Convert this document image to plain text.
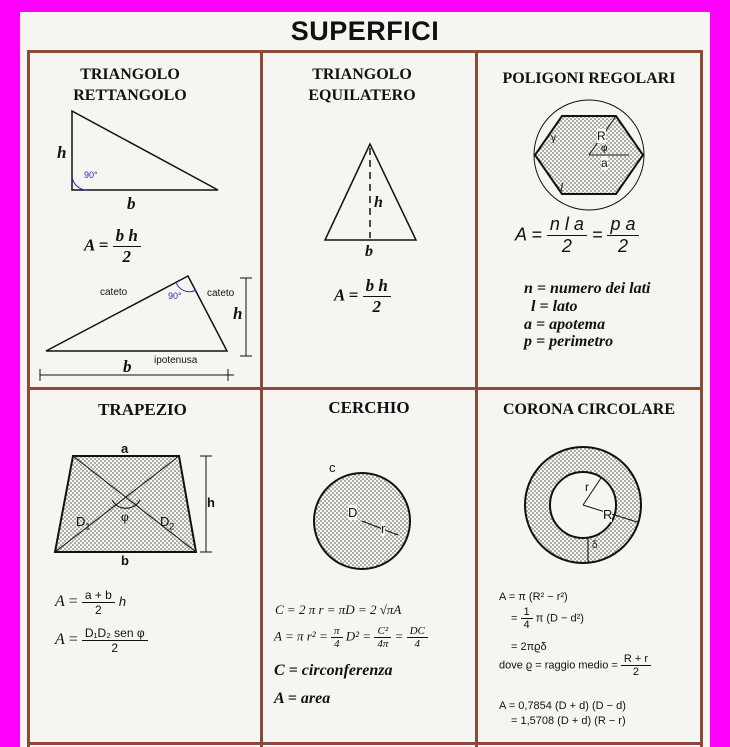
SUPERFICI
TRIANGOLO
RETTANGOLO
h
90°
b
$A = \frac{\text{b h}}{2}$
cateto	90°	cateto
h
ipotenusa
b
TRIANGOLO
EQUILATERO
h
b
$A = \frac{\text{b h}}{2}$
POLIGONI REGOLARI
R
φ
a
γ
l
$A = \frac{\text{n l a}}{2} = \frac{\text{p a}}{2}$
n = numero dei lati
l = lato
a = apotema
p = perimetro
TRAPEZIO
a
h
φ
$D_1$	$D_2$
b
$A = \frac{a + b}{2}$ h
$A = \frac{\text{D₁D₂ sen φ}}{2}$
CERCHIO
c
D
r
C = 2 π r = πD = 2 √πA
A = π $r^2 = \frac{\pi}{4} D^2 = \frac{\text{C²}}{4\pi} = \frac{DC}{4}$
C = circonferenza
A = area
CORONA CIRCOLARE
r
R
δ
A = π (R² − r²)
= $\frac{1}{4}$ π (D − d²)
= 2πϱδ
dove ϱ = raggio medio = $\frac{R + r}{2}$
A = 0,7854 (D + d) (D − d)
= 1,5708 (D + d) (R − r)
